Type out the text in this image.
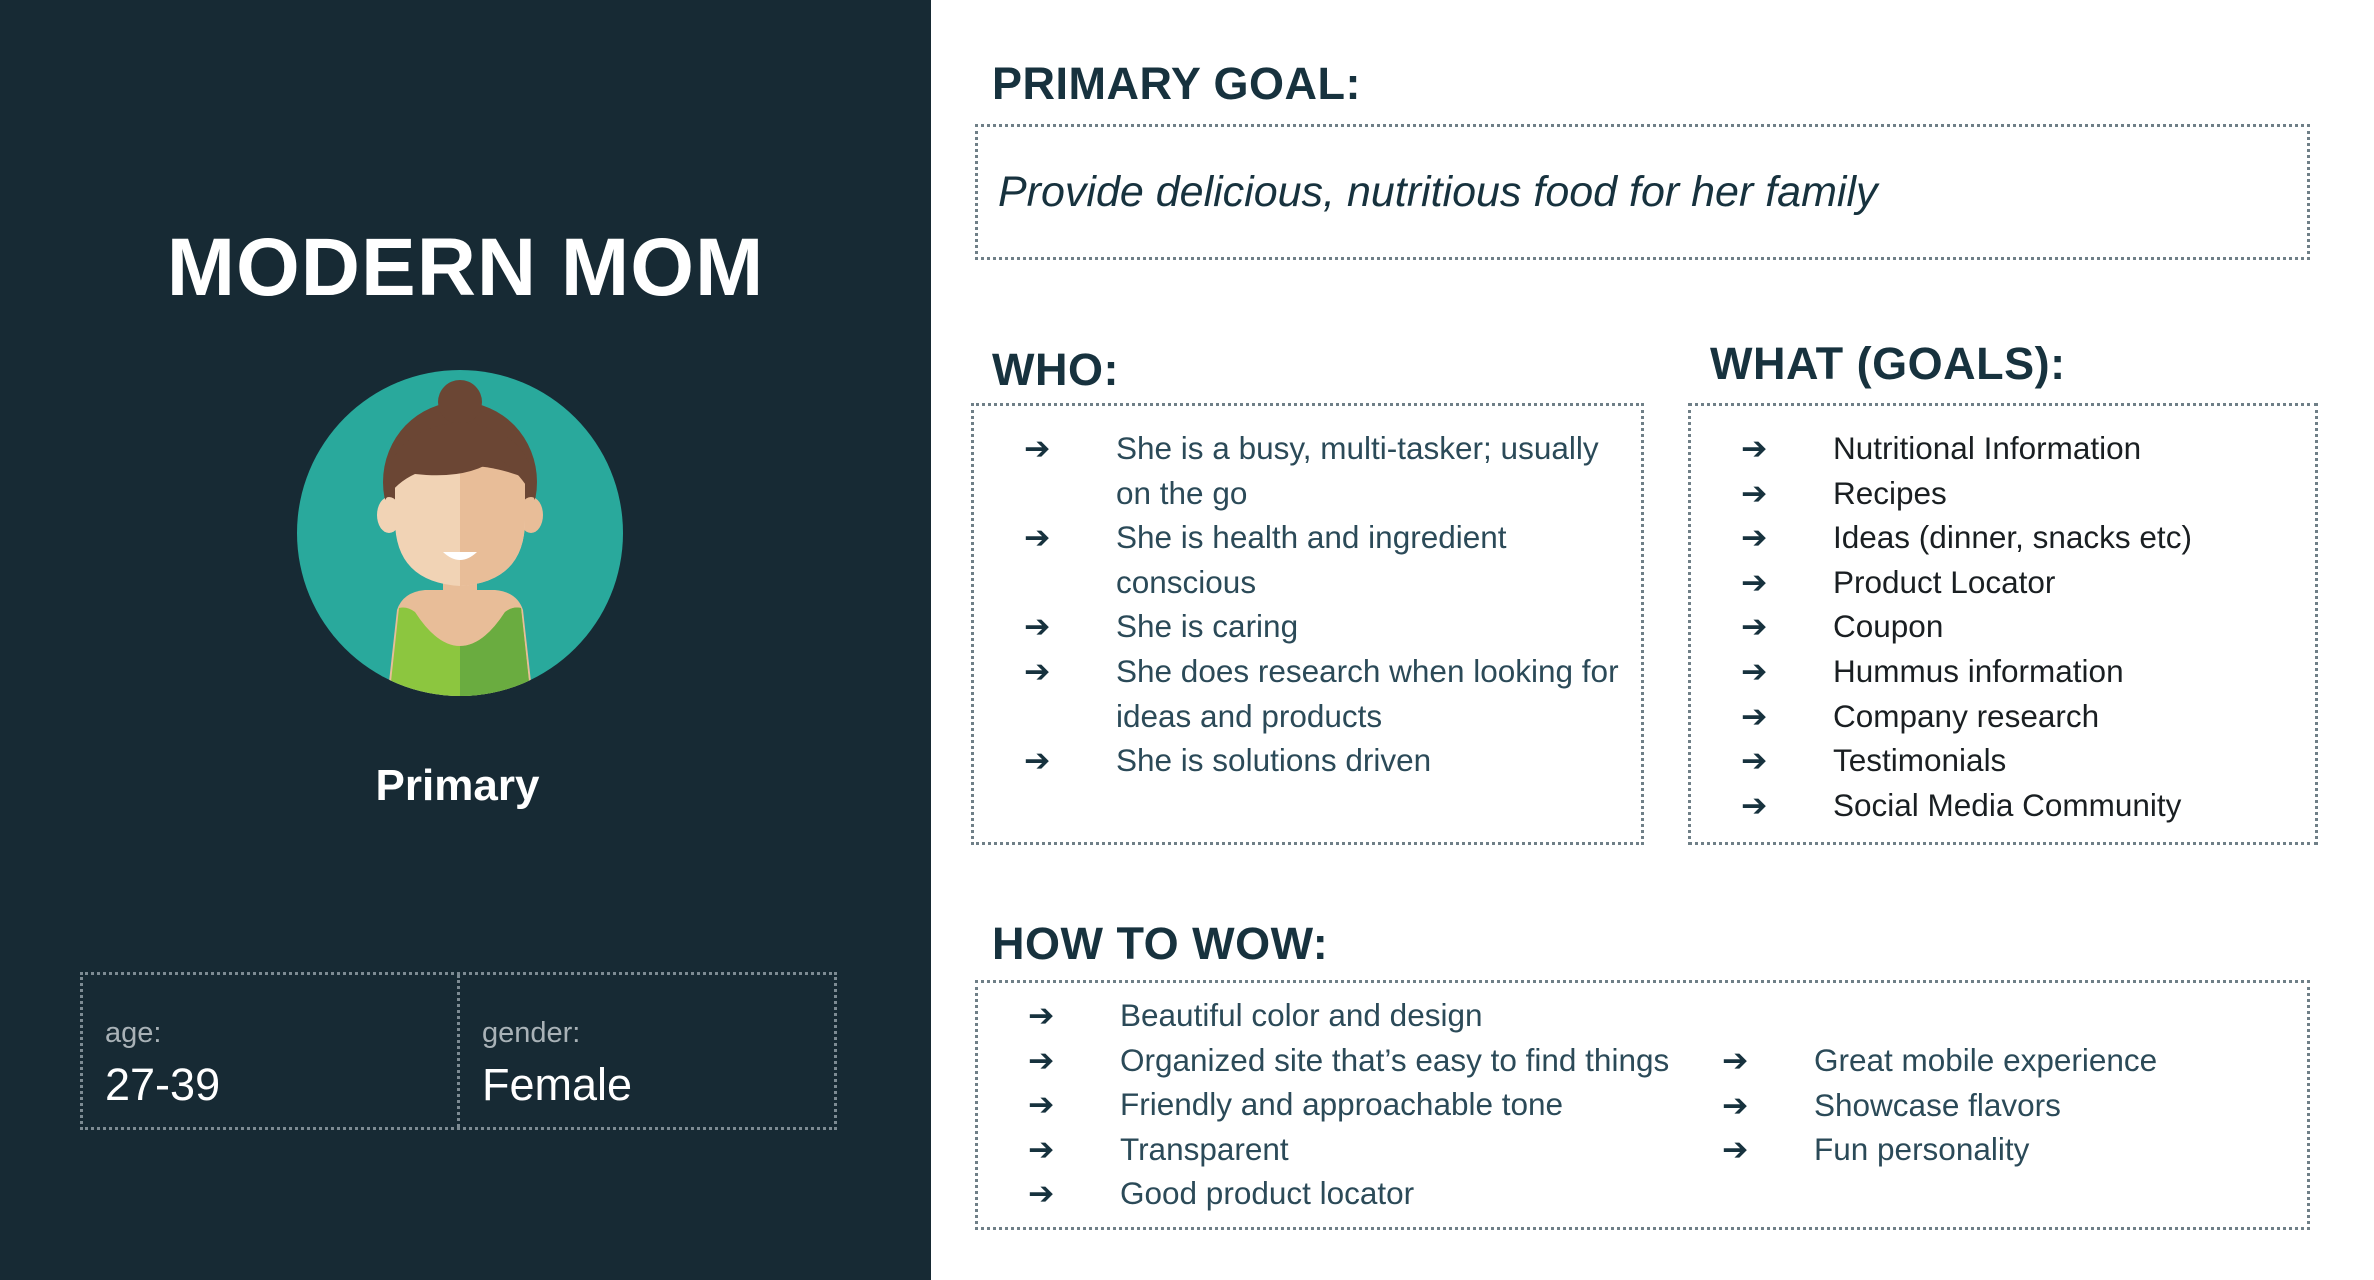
MODERN MOM
Primary
age:
27-39
gender:
Female
PRIMARY GOAL:

Provide delicious, nutritious food for her family

WHO:
➔ She is a busy, multi-tasker; usually on the go
➔ She is health and ingredient conscious
➔ She is caring
➔ She does research when looking for ideas and products
➔ She is solutions driven
WHAT (GOALS):
➔ Nutritional Information
➔ Recipes
➔ Ideas (dinner, snacks etc)
➔ Product Locator
➔ Coupon
➔ Hummus information
➔ Company research
➔ Testimonials
➔ Social Media Community
HOW TO WOW:
➔ Beautiful color and design
➔ Organized site that’s easy to find things
➔ Friendly and approachable tone
➔ Transparent
➔ Good product locator
➔ Great mobile experience
➔ Showcase flavors
➔ Fun personality
